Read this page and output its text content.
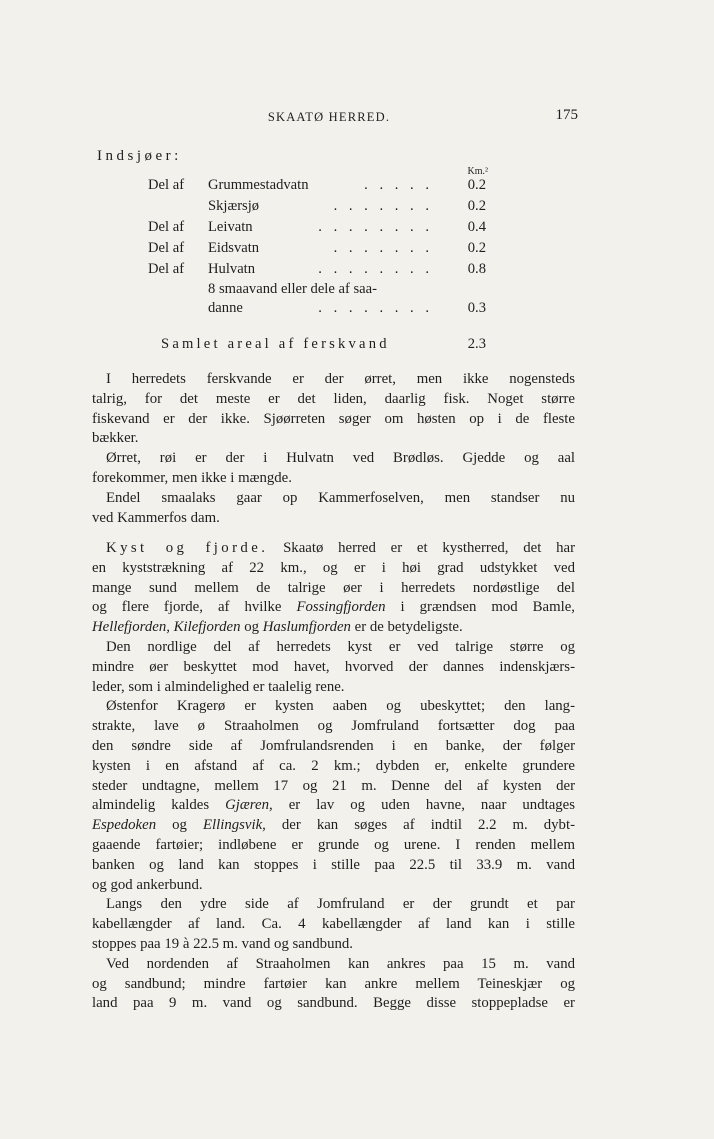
SKAATØ HERRED.	175
Indsjøer:
Km.²
Del af Grummestadvatn	. . . . . 0.2
Skjærsjø	. . . . . . . 0.2
Del af Leivatn	. . . . . . . . 0.4
Del af Eidsvatn	. . . . . . . 0.2
Del af Hulvatn	. . . . . . . . 0.8
8 smaavand eller dele af saa-
danne	. . . . . . . . 0.3
Samlet areal af ferskvand	2.3
I herredets ferskvande er der ørret, men ikke nogensteds
talrig, for det meste er det liden, daarlig fisk. Noget større
fiskevand er der ikke. Sjøørreten søger om høsten op i de fleste
bækker.
Ørret, røi er der i Hulvatn ved Brødløs. Gjedde og aal
forekommer, men ikke i mængde.
Endel smaalaks gaar op Kammerfoselven, men standser nu
ved Kammerfos dam.
Kyst og fjorde. Skaatø herred er et kystherred, det har
en kyststrækning af 22 km., og er i høi grad udstykket ved
mange sund mellem de talrige øer i herredets nordøstlige del
og flere fjorde, af hvilke Fossingfjorden i grændsen mod Bamle,
Hellefjorden, Kilefjorden og Haslumfjorden er de betydeligste.
Den nordlige del af herredets kyst er ved talrige større og
mindre øer beskyttet mod havet, hvorved der dannes indenskjærs-
leder, som i almindelighed er taalelig rene.
Østenfor Kragerø er kysten aaben og ubeskyttet; den lang-
strakte, lave ø Straaholmen og Jomfruland fortsætter dog paa
den søndre side af Jomfrulandsrenden i en banke, der følger
kysten i en afstand af ca. 2 km.; dybden er, enkelte grundere
steder undtagne, mellem 17 og 21 m. Denne del af kysten der
almindelig kaldes Gjæren, er lav og uden havne, naar undtages
Espedoken og Ellingsvik, der kan søges af indtil 2.2 m. dybt-
gaaende fartøier; indløbene er grunde og urene. I renden mellem
banken og land kan stoppes i stille paa 22.5 til 33.9 m. vand
og god ankerbund.
Langs den ydre side af Jomfruland er der grundt et par
kabellængder af land. Ca. 4 kabellængder af land kan i stille
stoppes paa 19 à 22.5 m. vand og sandbund.
Ved nordenden af Straaholmen kan ankres paa 15 m. vand
og sandbund; mindre fartøier kan ankre mellem Teineskjær og
land paa 9 m. vand og sandbund. Begge disse stoppepladse er
